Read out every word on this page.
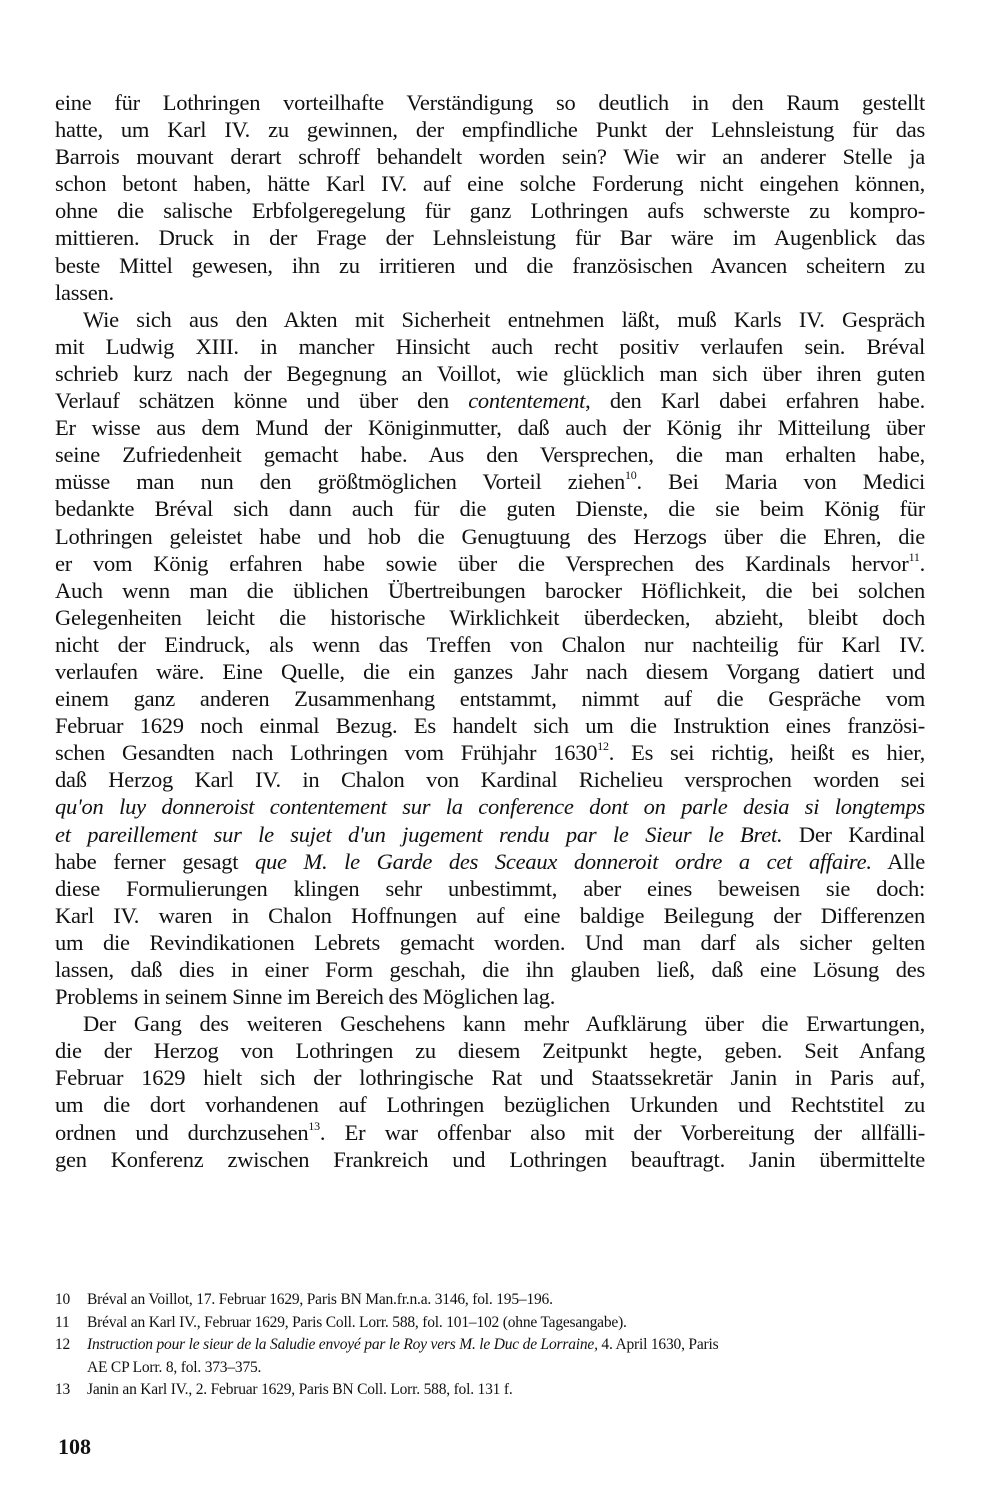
eine für Lothringen vorteilhafte Verständigung so deutlich in den Raum gestellt
hatte, um Karl IV. zu gewinnen, der empfindliche Punkt der Lehnsleistung für das
Barrois mouvant derart schroff behandelt worden sein? Wie wir an anderer Stelle ja
schon betont haben, hätte Karl IV. auf eine solche Forderung nicht eingehen können,
ohne die salische Erbfolgeregelung für ganz Lothringen aufs schwerste zu kompro-
mittieren. Druck in der Frage der Lehnsleistung für Bar wäre im Augenblick das
beste Mittel gewesen, ihn zu irritieren und die französischen Avancen scheitern zu
lassen.
Wie sich aus den Akten mit Sicherheit entnehmen läßt, muß Karls IV. Gespräch
mit Ludwig XIII. in mancher Hinsicht auch recht positiv verlaufen sein. Bréval
schrieb kurz nach der Begegnung an Voillot, wie glücklich man sich über ihren guten
Verlauf schätzen könne und über den contentement, den Karl dabei erfahren habe.
Er wisse aus dem Mund der Königinmutter, daß auch der König ihr Mitteilung über
seine Zufriedenheit gemacht habe. Aus den Versprechen, die man erhalten habe,
müsse man nun den größtmöglichen Vorteil ziehen$^{10}$. Bei Maria von Medici
bedankte Bréval sich dann auch für die guten Dienste, die sie beim König für
Lothringen geleistet habe und hob die Genugtuung des Herzogs über die Ehren, die
er vom König erfahren habe sowie über die Versprechen des Kardinals hervor$^{11}$.
Auch wenn man die üblichen Übertreibungen barocker Höflichkeit, die bei solchen
Gelegenheiten leicht die historische Wirklichkeit überdecken, abzieht, bleibt doch
nicht der Eindruck, als wenn das Treffen von Chalon nur nachteilig für Karl IV.
verlaufen wäre. Eine Quelle, die ein ganzes Jahr nach diesem Vorgang datiert und
einem ganz anderen Zusammenhang entstammt, nimmt auf die Gespräche vom
Februar 1629 noch einmal Bezug. Es handelt sich um die Instruktion eines französi-
schen Gesandten nach Lothringen vom Frühjahr 1630$^{12}$. Es sei richtig, heißt es hier,
daß Herzog Karl IV. in Chalon von Kardinal Richelieu versprochen worden sei
qu'on luy donneroist contentement sur la conference dont on parle desia si longtemps
et pareillement sur le sujet d'un jugement rendu par le Sieur le Bret. Der Kardinal
habe ferner gesagt que M. le Garde des Sceaux donneroit ordre a cet affaire. Alle
diese Formulierungen klingen sehr unbestimmt, aber eines beweisen sie doch:
Karl IV. waren in Chalon Hoffnungen auf eine baldige Beilegung der Differenzen
um die Revindikationen Lebrets gemacht worden. Und man darf als sicher gelten
lassen, daß dies in einer Form geschah, die ihn glauben ließ, daß eine Lösung des
Problems in seinem Sinne im Bereich des Möglichen lag.
Der Gang des weiteren Geschehens kann mehr Aufklärung über die Erwartungen,
die der Herzog von Lothringen zu diesem Zeitpunkt hegte, geben. Seit Anfang
Februar 1629 hielt sich der lothringische Rat und Staatssekretär Janin in Paris auf,
um die dort vorhandenen auf Lothringen bezüglichen Urkunden und Rechtstitel zu
ordnen und durchzusehen$^{13}$. Er war offenbar also mit der Vorbereitung der allfälli-
gen Konferenz zwischen Frankreich und Lothringen beauftragt. Janin übermittelte
10	Bréval an Voillot, 17. Februar 1629, Paris BN Man.fr.n.a. 3146, fol. 195–196.
11	Bréval an Karl IV., Februar 1629, Paris Coll. Lorr. 588, fol. 101–102 (ohne Tagesangabe).
12	Instruction pour le sieur de la Saludie envoyé par le Roy vers M. le Duc de Lorraine, 4. April 1630, Paris
AE CP Lorr. 8, fol. 373–375.
13	Janin an Karl IV., 2. Februar 1629, Paris BN Coll. Lorr. 588, fol. 131 f.
108
